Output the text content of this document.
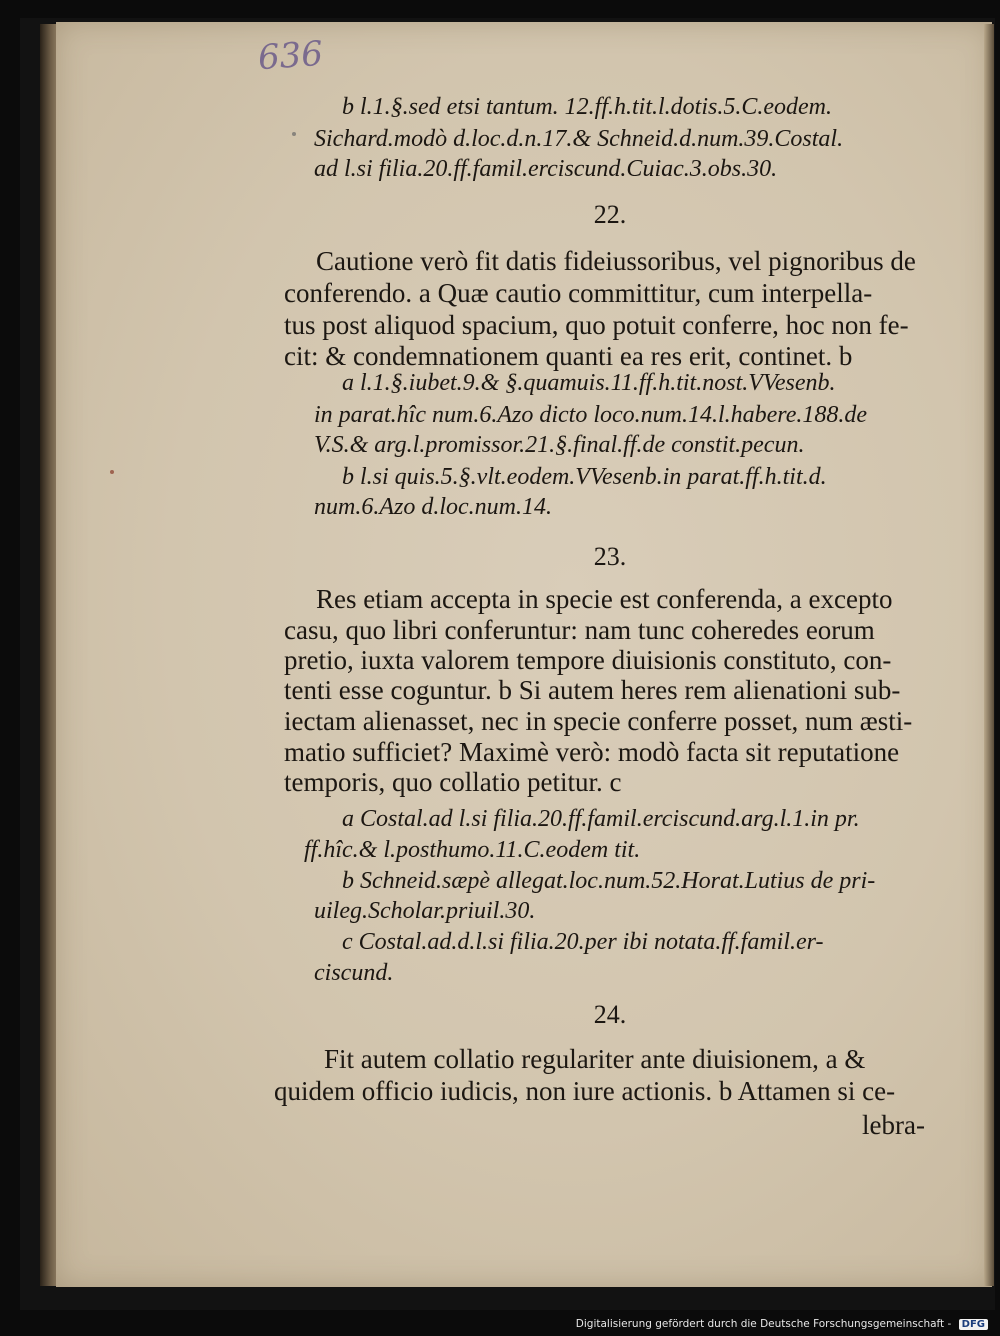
636

b l.1.§.sed etsi tantum. 12.ff.h.tit.l.dotis.5.C.eodem.

Sichard.modò d.loc.d.n.17.& Schneid.d.num.39.Costal.

ad l.si filia.20.ff.famil.erciscund.Cuiac.3.obs.30.

22.

Cautione verò fit datis fideiussoribus, vel pignoribus de

conferendo. a Quæ cautio committitur, cum interpella-

tus post aliquod spacium, quo potuit conferre, hoc non fe-

cit: & condemnationem quanti ea res erit, continet. b

a l.1.§.iubet.9.& §.quamuis.11.ff.h.tit.nost.VVesenb.

in parat.hîc num.6.Azo dicto loco.num.14.l.habere.188.de

V.S.& arg.l.promissor.21.§.final.ff.de constit.pecun.

b l.si quis.5.§.vlt.eodem.VVesenb.in parat.ff.h.tit.d.

num.6.Azo d.loc.num.14.

23.

Res etiam accepta in specie est conferenda, a excepto

casu, quo libri conferuntur: nam tunc coheredes eorum

pretio, iuxta valorem tempore diuisionis constituto, con-

tenti esse coguntur. b Si autem heres rem alienationi sub-

iectam alienasset, nec in specie conferre posset, num æsti-

matio sufficiet? Maximè verò: modò facta sit reputatione

temporis, quo collatio petitur. c

a Costal.ad l.si filia.20.ff.famil.erciscund.arg.l.1.in pr.

ff.hîc.& l.posthumo.11.C.eodem tit.

b Schneid.sæpè allegat.loc.num.52.Horat.Lutius de pri-

uileg.Scholar.priuil.30.

c Costal.ad.d.l.si filia.20.per ibi notata.ff.famil.er-

ciscund.

24.

Fit autem collatio regulariter ante diuisionem, a &

quidem officio iudicis, non iure actionis. b Attamen si ce-

lebra-

Digitalisierung gefördert durch die Deutsche Forschungsgemeinschaft - DFG
